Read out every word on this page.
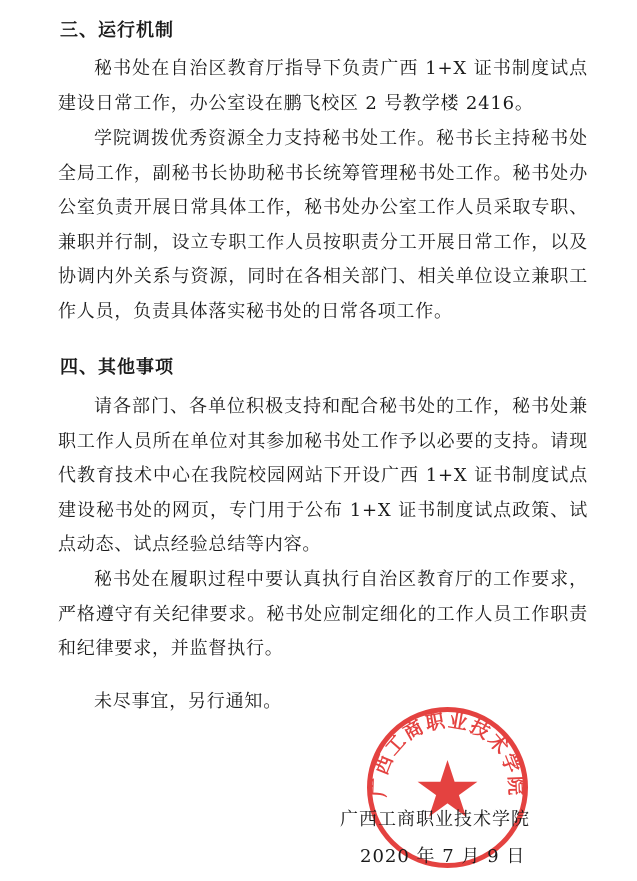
三、运行机制

秘书处在自治区教育厅指导下负责广西 1+X 证书制度试点建设日常工作，办公室设在鹏飞校区 2 号教学楼 2416。

学院调拨优秀资源全力支持秘书处工作。秘书长主持秘书处全局工作，副秘书长协助秘书长统筹管理秘书处工作。秘书处办公室负责开展日常具体工作，秘书处办公室工作人员采取专职、兼职并行制，设立专职工作人员按职责分工开展日常工作，以及协调内外关系与资源，同时在各相关部门、相关单位设立兼职工作人员，负责具体落实秘书处的日常各项工作。

四、其他事项

请各部门、各单位积极支持和配合秘书处的工作，秘书处兼职工作人员所在单位对其参加秘书处工作予以必要的支持。请现代教育技术中心在我院校园网站下开设广西 1+X 证书制度试点建设秘书处的网页，专门用于公布 1+X 证书制度试点政策、试点动态、试点经验总结等内容。

秘书处在履职过程中要认真执行自治区教育厅的工作要求，严格遵守有关纪律要求。秘书处应制定细化的工作人员工作职责和纪律要求，并监督执行。

未尽事宜，另行通知。

广西工商职业技术学院
广西工商职业技术学院
2020 年 7 月 9 日
